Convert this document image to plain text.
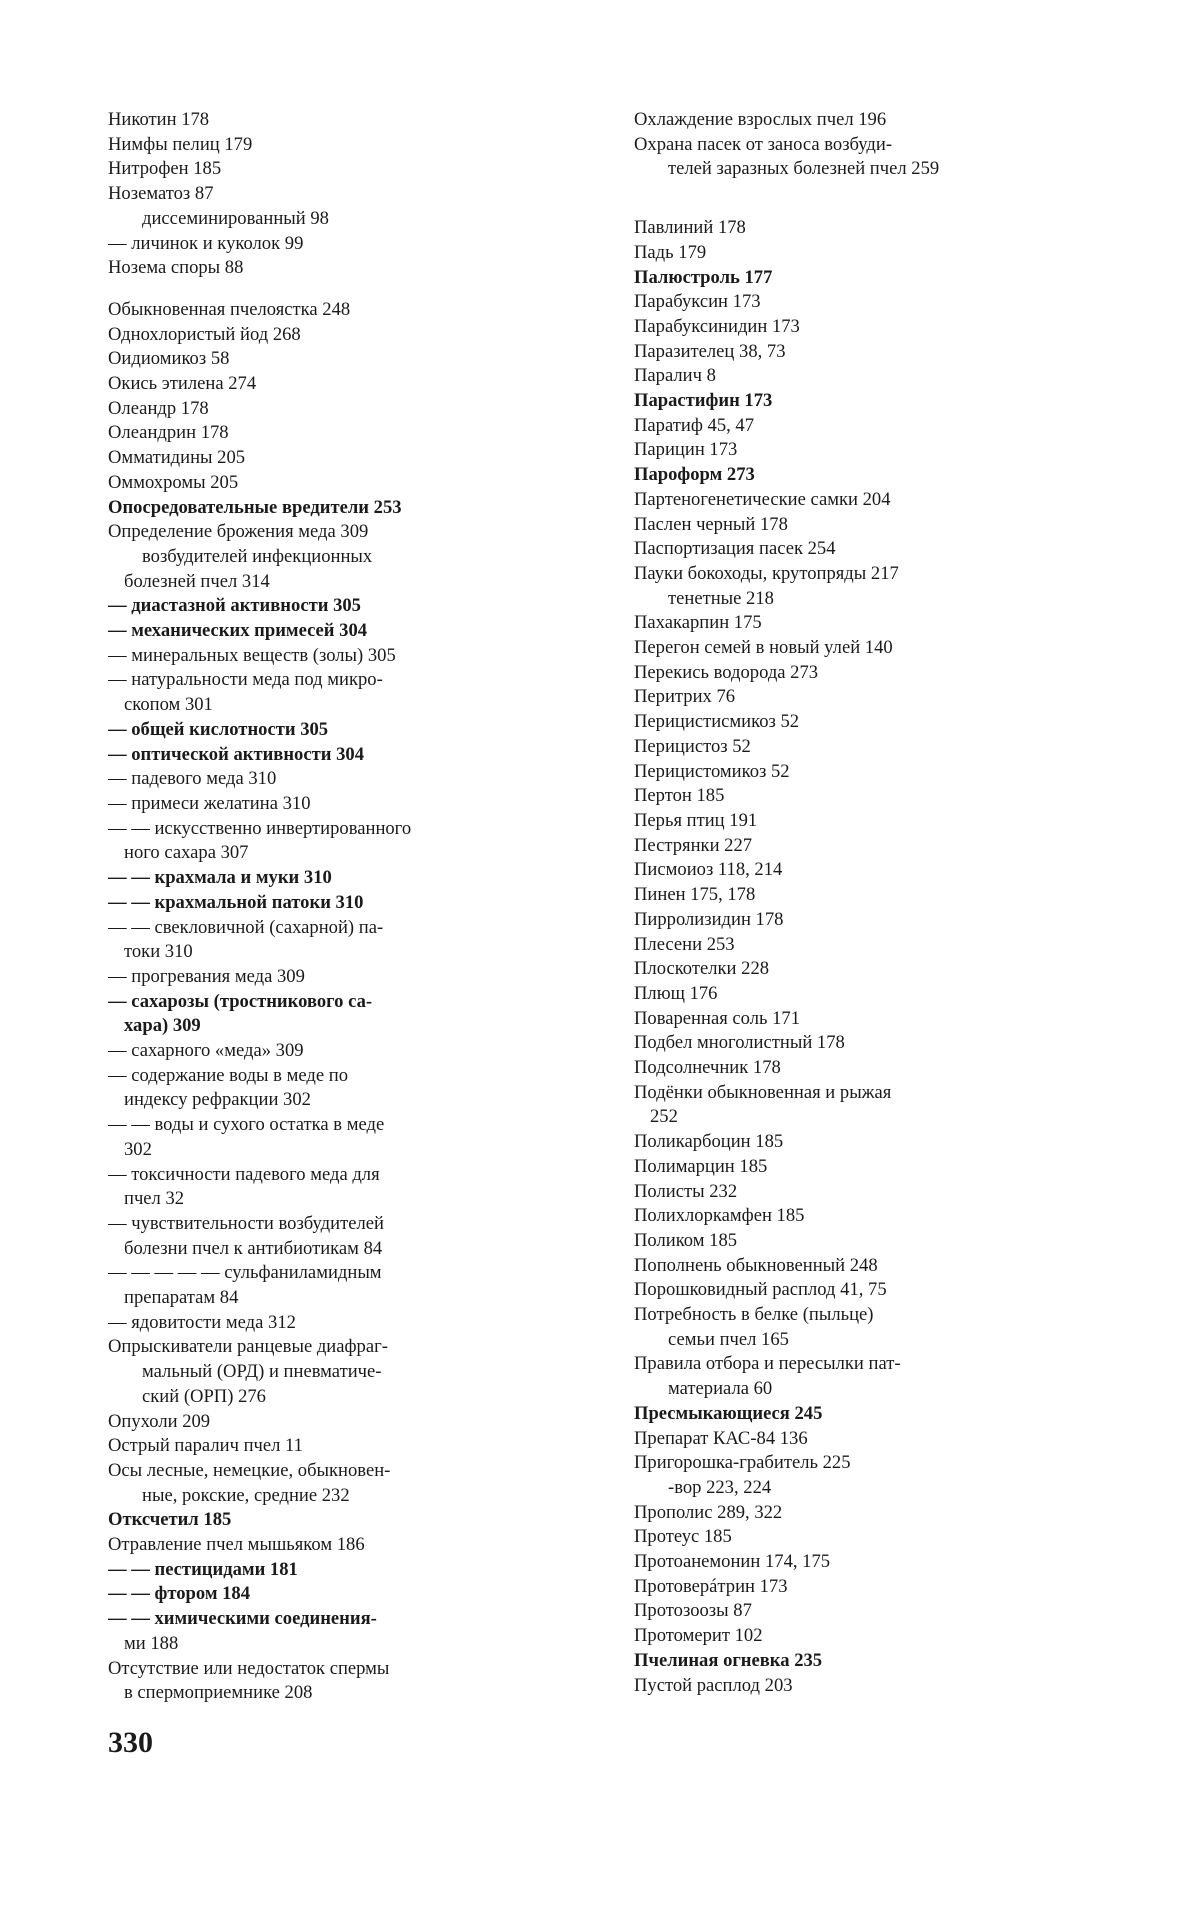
Никотин 178
Нимфы пелиц 179
Нитрофен 185
Нозематоз 87
диссеминированный 98
— личинок и куколок 99
Нозема споры 88
Обыкновенная пчелоястка 248
Однохлористый йод 268
Оидиомикоз 58
Окись этилена 274
Олеандр 178
Олеандрин 178
Омматидины 205
Оммохромы 205
Опосредовательные вредители 253
Определение брожения меда 309
возбудителей инфекционных
болезней пчел 314
— диастазной активности 305
— механических примесей 304
— минеральных веществ (золы) 305
— натуральности меда под микро-
скопом 301
— общей кислотности 305
— оптической активности 304
— падевого меда 310
— примеси желатина 310
— — искусственно инвертированного
ного сахара 307
— — крахмала и муки 310
— — крахмальной патоки 310
— — свекловичной (сахарной) па-
токи 310
— прогревания меда 309
— сахарозы (тростникового са-
хара) 309
— сахарного «меда» 309
— содержание воды в меде по
индексу рефракции 302
— — воды и сухого остатка в меде
302
— токсичности падевого меда для
пчел 32
— чувствительности возбудителей
болезни пчел к антибиотикам 84
— — — — — сульфаниламидным
препаратам 84
— ядовитости меда 312
Опрыскиватели ранцевые диафраг-
мальный (ОРД) и пневматиче-
ский (ОРП) 276
Опухоли 209
Острый паралич пчел 11
Осы лесные, немецкие, обыкновен-
ные, рокские, средние 232
Отксчетил 185
Отравление пчел мышьяком 186
— — пестицидами 181
— — фтором 184
— — химическими соединения-
ми 188
Отсутствие или недостаток спермы
в спермоприемнике 208
Охлаждение взрослых пчел 196
Охрана пасек от заноса возбуди-
телей заразных болезней пчел 259
Павлиний 178
Падь 179
Палюстроль 177
Парабуксин 173
Парабуксинидин 173
Паразителец 38, 73
Паралич 8
Парастифин 173
Паратиф 45, 47
Парицин 173
Пароформ 273
Партеногенетические самки 204
Паслен черный 178
Паспортизация пасек 254
Пауки бокоходы, крутопряды 217
тенетные 218
Пахакарпин 175
Перегон семей в новый улей 140
Перекись водорода 273
Перитрих 76
Перицистисмикоз 52
Перицистоз 52
Перицистомикоз 52
Пертон 185
Перья птиц 191
Пестрянки 227
Писмоиоз 118, 214
Пинен 175, 178
Пирролизидин 178
Плесени 253
Плоскотелки 228
Плющ 176
Поваренная соль 171
Подбел многолистный 178
Подсолнечник 178
Подёнки обыкновенная и рыжая
252
Поликарбоцин 185
Полимарцин 185
Полисты 232
Полихлоркамфен 185
Поликом 185
Пополнень обыкновенный 248
Порошковидный расплод 41, 75
Потребность в белке (пыльце)
семьи пчел 165
Правила отбора и пересылки пат-
материала 60
Пресмыкающиеся 245
Препарат КАС-84 136
Пригорошка-грабитель 225
-вор 223, 224
Прополис 289, 322
Протеус 185
Протоанемонин 174, 175
Протоверáтрин 173
Протозоозы 87
Протомерит 102
Пчелиная огневка 235
Пустой расплод 203
330
